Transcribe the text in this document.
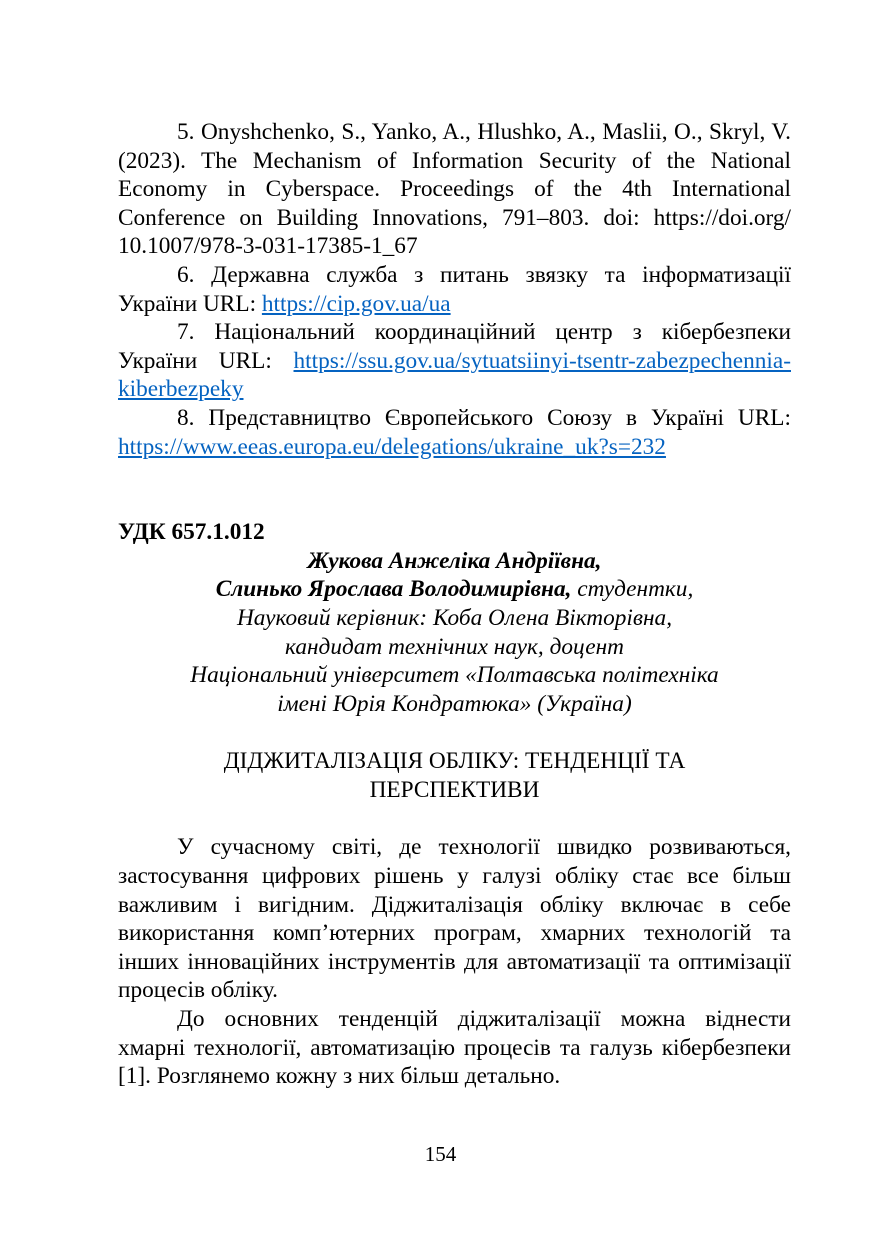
5. Onyshchenko, S., Yanko, A., Hlushko, A., Maslii, O., Skryl, V. (2023). The Mechanism of Information Security of the National Economy in Cyberspace. Proceedings of the 4th International Conference on Building Innovations, 791–803. doi: https://doi.org/ 10.1007/978-3-031-17385-1_67

6. Державна служба з питань звязку та інформатизації України URL: https://cip.gov.ua/ua

7. Національний координаційний центр з кібербезпеки України URL: https://ssu.gov.ua/sytuatsiinyi-tsentr-zabezpechennia-kiberbezpeky

8. Представництво Європейського Союзу в Україні URL: https://www.eeas.europa.eu/delegations/ukraine_uk?s=232

УДК 657.1.012

Жукова Анжеліка Андріївна,

Слинько Ярослава Володимирівна, студентки,

Науковий керівник: Коба Олена Вікторівна,

кандидат технічних наук, доцент

Національний університет «Полтавська політехніка

імені Юрія Кондратюка» (Україна)

ДІДЖИТАЛІЗАЦІЯ ОБЛІКУ: ТЕНДЕНЦІЇ ТА

ПЕРСПЕКТИВИ

У сучасному світі, де технології швидко розвиваються, застосування цифрових рішень у галузі обліку стає все більш важливим і вигідним. Діджиталізація обліку включає в себе використання комп’ютерних програм, хмарних технологій та інших інноваційних інструментів для автоматизації та оптимізації процесів обліку.

До основних тенденцій діджиталізації можна віднести хмарні технології, автоматизацію процесів та галузь кібербезпеки [1]. Розглянемо кожну з них більш детально.

154
